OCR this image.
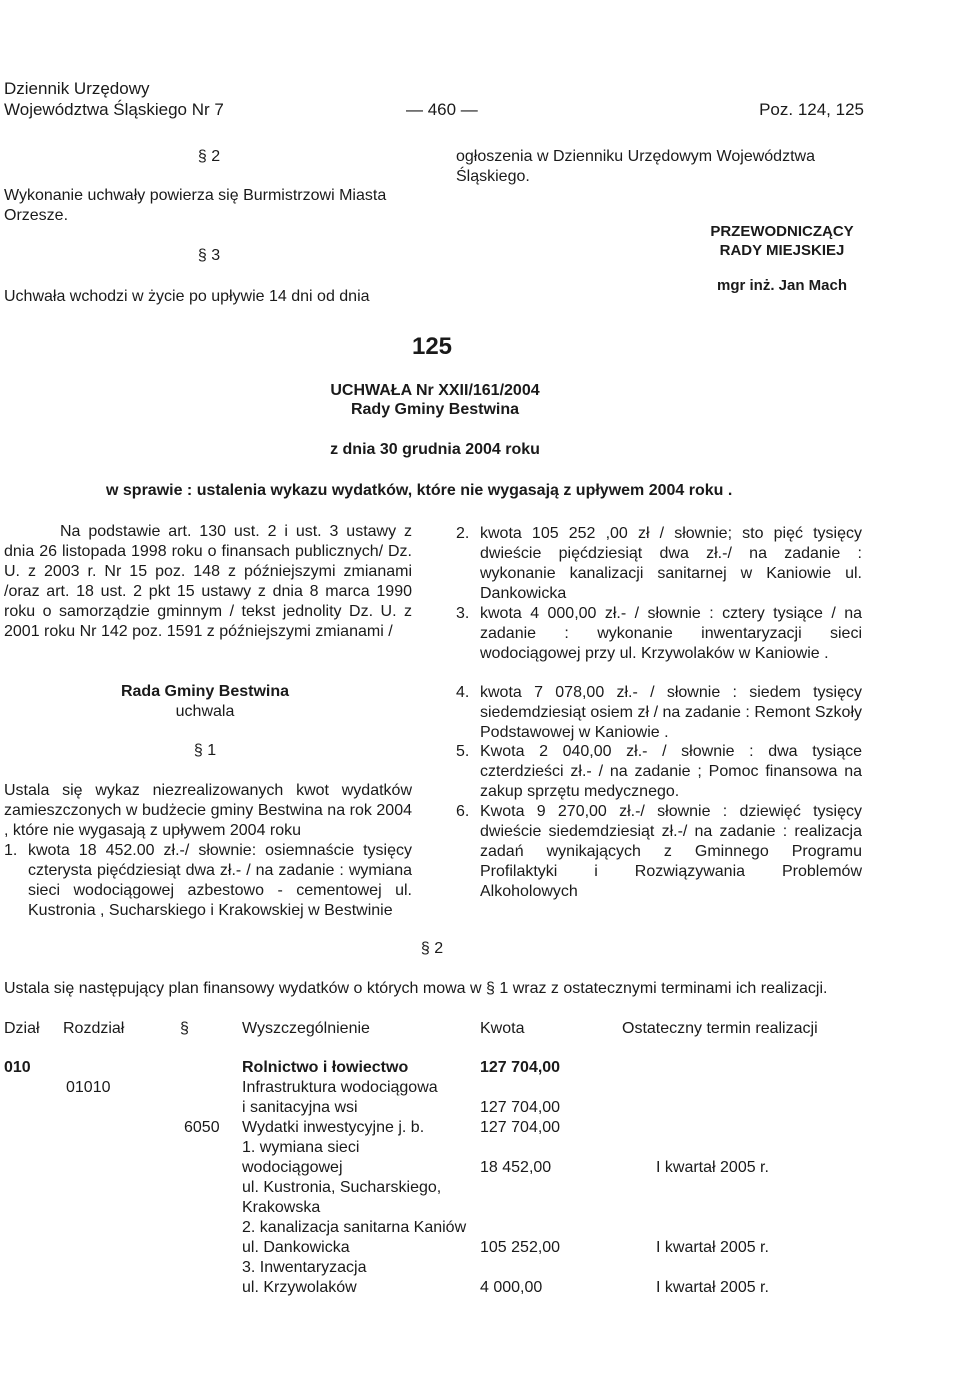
Dziennik Urzędowy
Województwa Śląskiego Nr 7	— 460 —	Poz. 124, 125
§ 2
Wykonanie uchwały powierza się Burmistrzowi Miasta Orzesze.
§ 3
Uchwała wchodzi w życie po upływie 14 dni od dnia
ogłoszenia w Dzienniku Urzędowym Województwa Śląskiego.
PRZEWODNICZĄCY
RADY MIEJSKIEJ
mgr inż. Jan Mach
125
UCHWAŁA Nr XXII/161/2004
Rady Gminy Bestwina
z dnia 30 grudnia 2004 roku
w sprawie : ustalenia wykazu wydatków, które nie wygasają z upływem 2004 roku .
Na podstawie art. 130 ust. 2 i ust. 3 ustawy z dnia 26 listopada 1998 roku o finansach publicznych/ Dz. U. z 2003 r. Nr 15 poz. 148 z późniejszymi zmianami /oraz art. 18 ust. 2 pkt 15 ustawy z dnia 8 marca 1990 roku o samorządzie gminnym / tekst jednolity Dz. U. z 2001 roku Nr 142 poz. 1591 z późniejszymi zmianami /
Rada Gminy Bestwina
uchwala
§ 1
Ustala się wykaz niezrealizowanych kwot wydatków zamieszczonych w budżecie gminy Bestwina na rok 2004 , które nie wygasają z upływem 2004 roku
1. kwota 18 452.00 zł.-/ słownie: osiemnaście tysięcy czterysta pięćdziesiąt dwa zł.- / na zadanie : wymiana sieci wodociągowej azbestowo - cementowej ul. Kustronia , Sucharskiego i Krakowskiej w Bestwinie
2. kwota 105 252 ,00 zł / słownie; sto pięć tysięcy dwieście pięćdziesiąt dwa zł.-/ na zadanie : wykonanie kanalizacji sanitarnej w Kaniowie ul. Dankowicka
3. kwota 4 000,00 zł.- / słownie : cztery tysiące / na zadanie : wykonanie inwentaryzacji sieci wodociągowej przy ul. Krzywolaków w Kaniowie .
4. kwota 7 078,00 zł.- / słownie : siedem tysięcy siedemdziesiąt osiem zł / na zadanie : Remont Szkoły Podstawowej w Kaniowie .
5. Kwota 2 040,00 zł.- / słownie : dwa tysiące czterdzieści zł.- / na zadanie ; Pomoc finansowa na zakup sprzętu medycznego.
6. Kwota 9 270,00 zł.-/ słownie : dziewięć tysięcy dwieście siedemdziesiąt zł.-/ na zadanie : realizacja zadań wynikających z Gminnego Programu Profilaktyki i Rozwiązywania Problemów Alkoholowych
§ 2
Ustala się następujący plan finansowy wydatków o których mowa w § 1 wraz z ostatecznymi terminami ich realizacji.
Dział Rozdział	§	Wyszczególnienie	Kwota	Ostateczny termin realizacji
010			Rolnictwo i łowiectwo	127 704,00	
	01010		Infrastruktura wodociągowa		
			i sanitacyjna wsi	127 704,00	
		6050	Wydatki inwestycyjne j. b.	127 704,00	
			1. wymiana sieci		
			wodociągowej	18 452,00	I kwartał 2005 r.
			ul. Kustronia, Sucharskiego,		
			Krakowska		
			2. kanalizacja sanitarna Kaniów		
			ul. Dankowicka	105 252,00	I kwartał 2005 r.
			3. Inwentaryzacja		
			ul. Krzywolaków	4 000,00	I kwartał 2005 r.
